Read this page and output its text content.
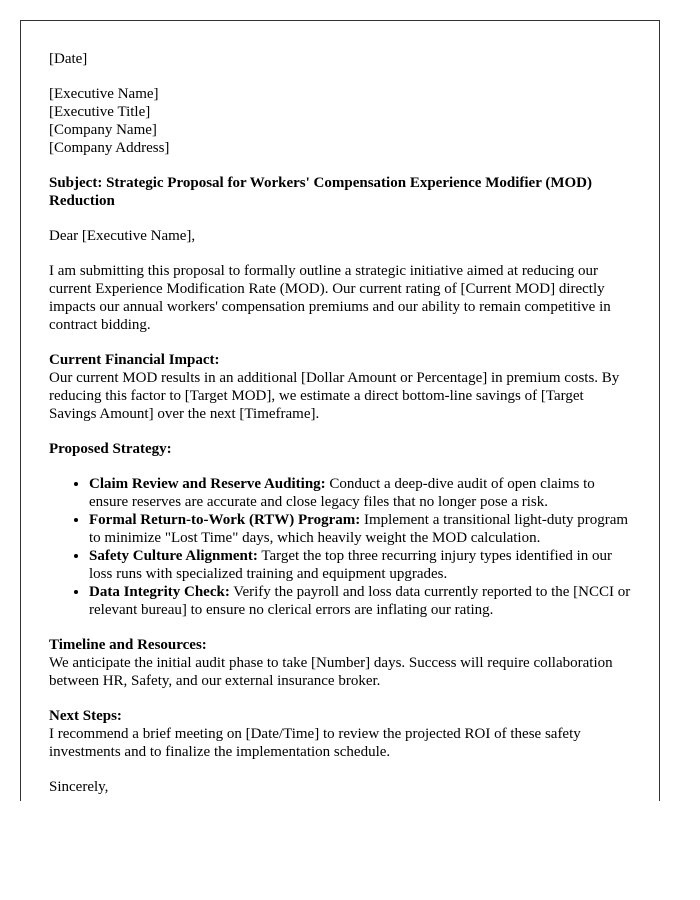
[Date]

[Executive Name]
[Executive Title]
[Company Name]
[Company Address]

Subject: Strategic Proposal for Workers' Compensation Experience Modifier (MOD) Reduction

Dear [Executive Name],

I am submitting this proposal to formally outline a strategic initiative aimed at reducing our current Experience Modification Rate (MOD). Our current rating of [Current MOD] directly impacts our annual workers' compensation premiums and our ability to remain competitive in contract bidding.

Current Financial Impact:
Our current MOD results in an additional [Dollar Amount or Percentage] in premium costs. By reducing this factor to [Target MOD], we estimate a direct bottom-line savings of [Target Savings Amount] over the next [Timeframe].

Proposed Strategy:

• Claim Review and Reserve Auditing: Conduct a deep-dive audit of open claims to ensure reserves are accurate and close legacy files that no longer pose a risk.
• Formal Return-to-Work (RTW) Program: Implement a transitional light-duty program to minimize "Lost Time" days, which heavily weight the MOD calculation.
• Safety Culture Alignment: Target the top three recurring injury types identified in our loss runs with specialized training and equipment upgrades.
• Data Integrity Check: Verify the payroll and loss data currently reported to the [NCCI or relevant bureau] to ensure no clerical errors are inflating our rating.

Timeline and Resources:
We anticipate the initial audit phase to take [Number] days. Success will require collaboration between HR, Safety, and our external insurance broker.

Next Steps:
I recommend a brief meeting on [Date/Time] to review the projected ROI of these safety investments and to finalize the implementation schedule.

Sincerely,
